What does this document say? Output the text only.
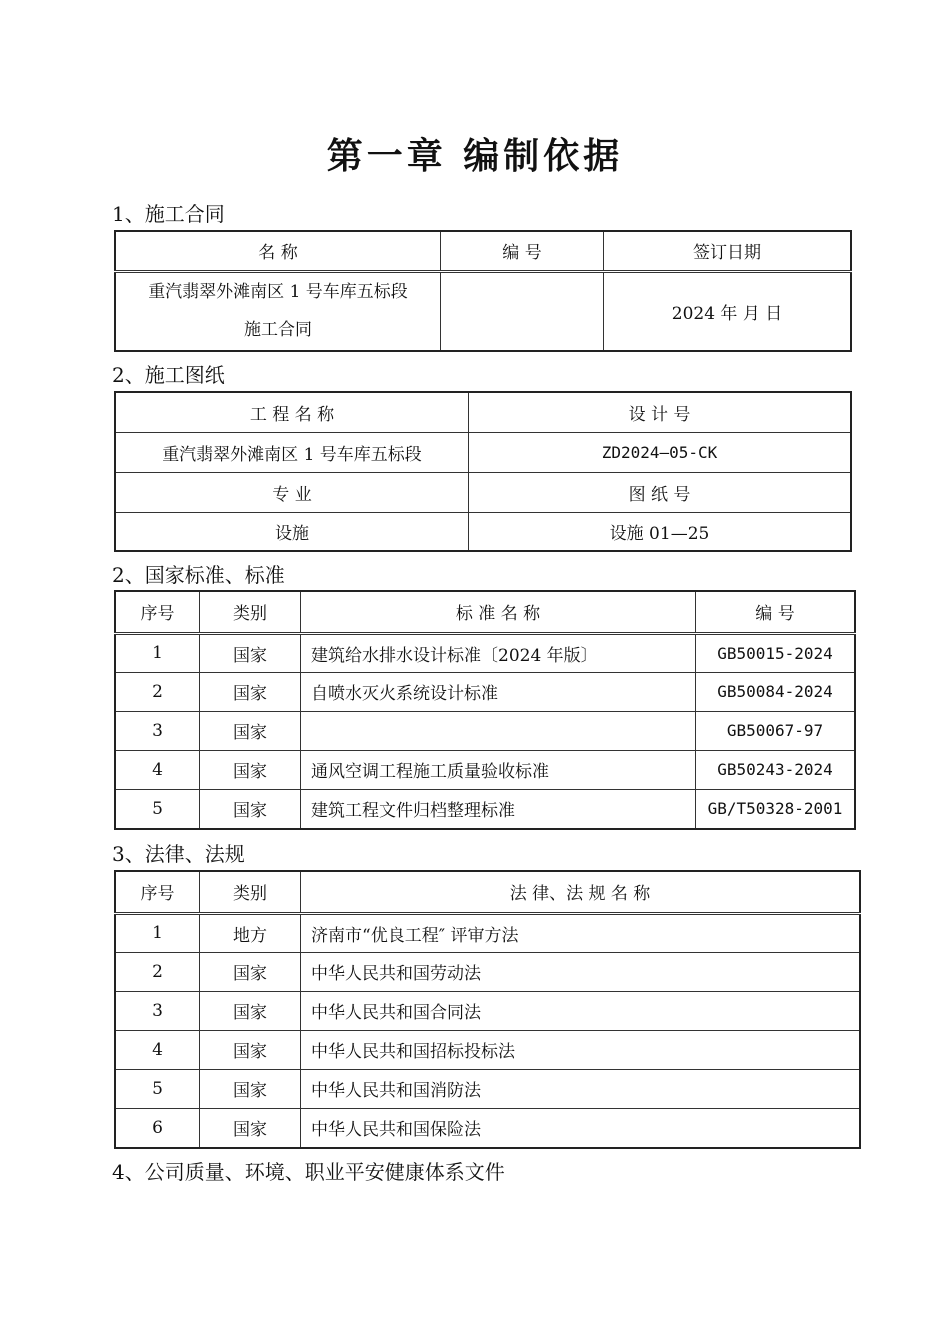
第一章 编制依据

1、施工合同

名 称	编 号	签订日期

重汽翡翠外滩南区 1 号车库五标段
施工合同		2024 年 月 日

2、施工图纸

工 程 名 称	设 计 号
重汽翡翠外滩南区 1 号车库五标段	ZD2024—05-CK
专 业	图 纸 号
设施	设施 01—25

2、国家标准、标准

序号	类别	标 准 名 称	编 号
1	国家	建筑给水排水设计标准〔2024 年版〕	GB50015-2024
2	国家	自喷水灭火系统设计标准	GB50084-2024
3	国家		GB50067-97
4	国家	通风空调工程施工质量验收标准	GB50243-2024
5	国家	建筑工程文件归档整理标准	GB/T50328-2001

3、法律、法规

序号	类别	法 律、法 规 名 称
1	地方	济南市“优良工程″ 评审方法
2	国家	中华人民共和国劳动法
3	国家	中华人民共和国合同法
4	国家	中华人民共和国招标投标法
5	国家	中华人民共和国消防法
6	国家	中华人民共和国保险法

4、公司质量、环境、职业平安健康体系文件
